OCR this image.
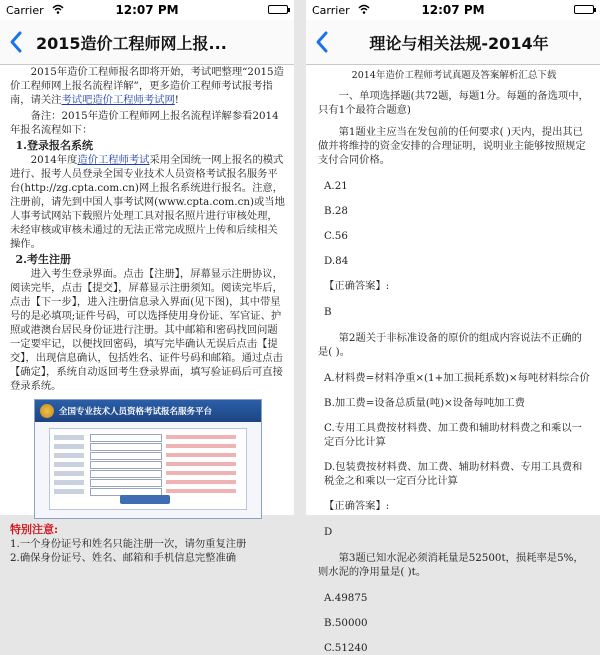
Carrier	12:07 PM
2015造价工程师网上报...

2015年造价工程师报名即将开始，考试吧整理“2015造价工程师网上报名流程详解”，更多造价工程师考试报考指南，请关注考试吧造价工程师考试网!

备注：2015年造价工程师网上报名流程详解参看2014年报名流程如下：

1.登录报名系统

2014年度造价工程师考试采用全国统一网上报名的模式进行、报考人员登录全国专业技术人员资格考试报名服务平台(http://zg.cpta.com.cn)网上报名系统进行报名。注意，注册前，请先到中国人事考试网(www.cpta.com.cn)或当地人事考试网站下载照片处理工具对报名照片进行审核处理，未经审核或审核未通过的无法正常完成照片上传和后续相关操作。

2.考生注册

进入考生登录界面。点击【注册】，屏幕显示注册协议，阅读完毕，点击【提交】，屏幕显示注册须知。阅读完毕后，点击【下一步】，进入注册信息录入界面(见下图)，其中带星号的是必填项;证件号码，可以选择使用身份证、军官证、护照或港澳台居民身份证进行注册。其中邮箱和密码找回问题一定要牢记，以便找回密码，填写完毕确认无误后点击【提交】，出现信息确认，包括姓名、证件号码和邮箱。通过点击【确定】，系统自动返回考生登录界面，填写验证码后可直接登录系统。

全国专业技术人员资格考试报名服务平台

特别注意:

1.一个身份证号和姓名只能注册一次，请勿重复注册

2.确保身份证号、姓名、邮箱和手机信息完整准确

Carrier	12:07 PM
理论与相关法规-2014年
2014年造价工程师考试真题及答案解析汇总下载

一、单项选择题(共72题，每题1分。每题的备选项中，只有1个最符合题意)

第1题业主应当在发包前的任何要求( )天内，提出其已做并将维持的资金安排的合理证明，说明业主能够按照规定支付合同价格。

A.21

B.28

C.56

D.84

【正确答案】:

B

第2题关于非标准设备的原价的组成内容说法不正确的是( )。

A.材料费=材料净重×(1+加工损耗系数)×每吨材料综合价

B.加工费=设备总质量(吨)×设备每吨加工费

C.专用工具费按材料费、加工费和辅助材料费之和乘以一定百分比计算

D.包装费按材料费、加工费、辅助材料费、专用工具费和税金之和乘以一定百分比计算

【正确答案】:

D

第3题已知水泥必须消耗量是52500t，损耗率是5%，则水泥的净用量是( )t。

A.49875

B.50000

C.51240
